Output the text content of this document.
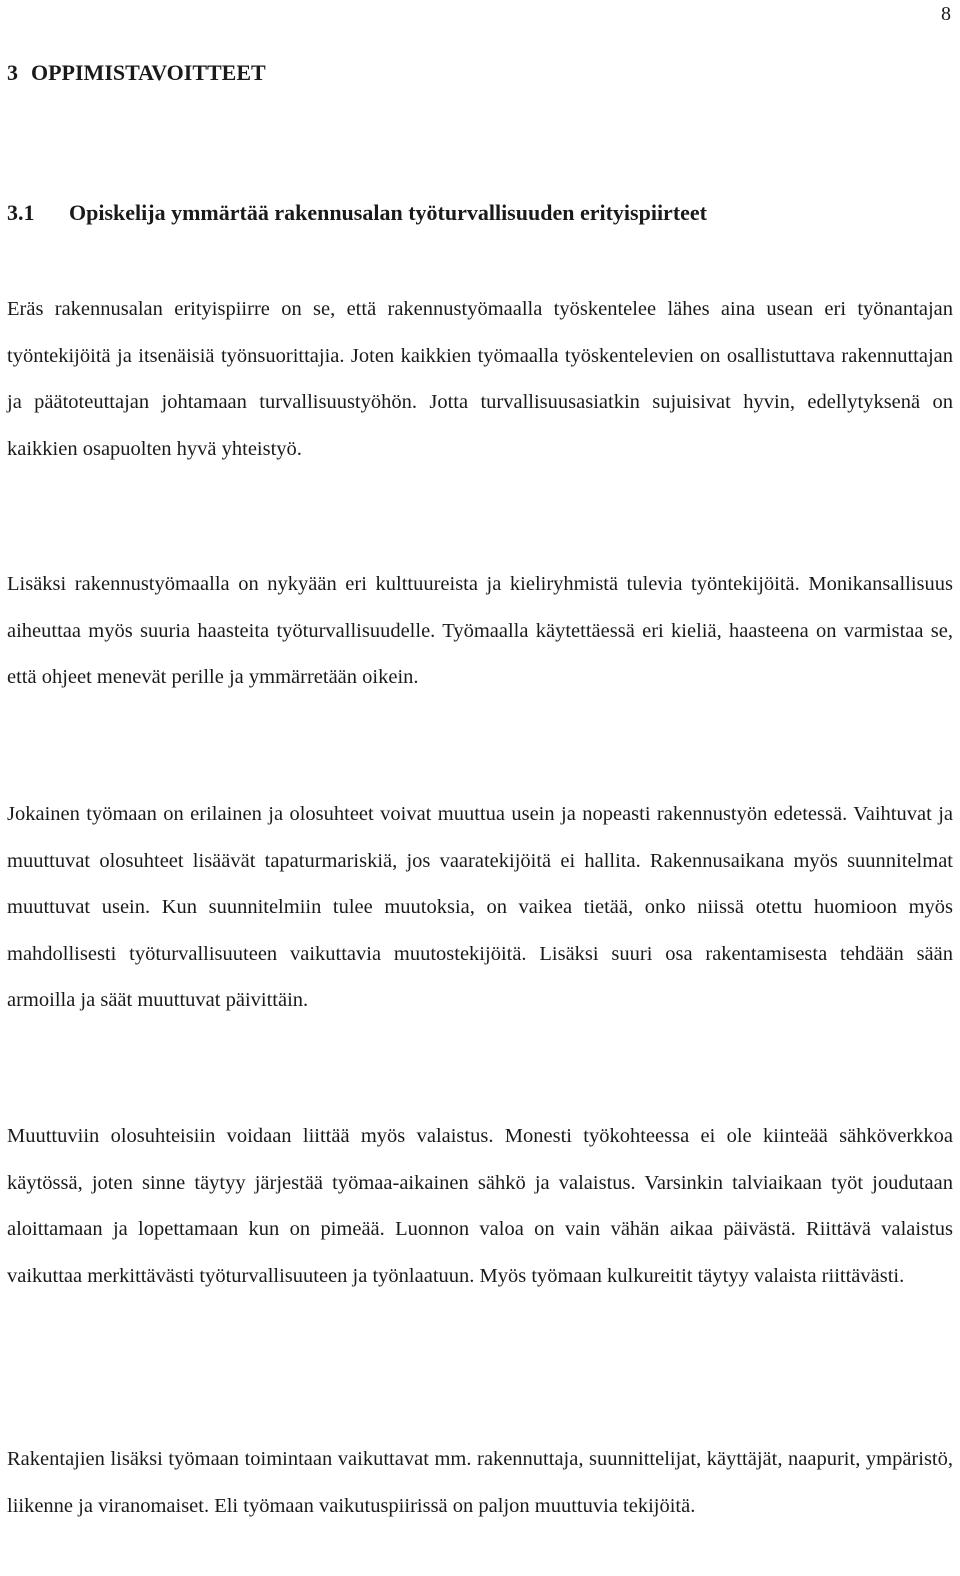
8
3 OPPIMISTAVOITTEET
3.1 Opiskelija ymmärtää rakennusalan työturvallisuuden erityispiirteet

Eräs rakennusalan erityispiirre on se, että rakennustyömaalla työskentelee lähes aina usean eri työnantajan työntekijöitä ja itsenäisiä työnsuorittajia. Joten kaikkien työmaalla työskentelevien on osallistuttava rakennuttajan ja päätoteuttajan johtamaan turvallisuustyöhön. Jotta turvallisuusasiatkin sujuisivat hyvin, edellytyksenä on kaikkien osapuolten hyvä yhteistyö.

Lisäksi rakennustyömaalla on nykyään eri kulttuureista ja kieliryhmistä tulevia työntekijöitä. Monikansallisuus aiheuttaa myös suuria haasteita työturvallisuudelle. Työmaalla käytettäessä eri kieliä, haasteena on varmistaa se, että ohjeet menevät perille ja ymmärretään oikein.

Jokainen työmaan on erilainen ja olosuhteet voivat muuttua usein ja nopeasti rakennustyön edetessä. Vaihtuvat ja muuttuvat olosuhteet lisäävät tapaturmariskiä, jos vaaratekijöitä ei hallita. Rakennusaikana myös suunnitelmat muuttuvat usein. Kun suunnitelmiin tulee muutoksia, on vaikea tietää, onko niissä otettu huomioon myös mahdollisesti työturvallisuuteen vaikuttavia muutostekijöitä. Lisäksi suuri osa rakentamisesta tehdään sään armoilla ja säät muuttuvat päivittäin.

Muuttuviin olosuhteisiin voidaan liittää myös valaistus. Monesti työkohteessa ei ole kiinteää sähköverkkoa käytössä, joten sinne täytyy järjestää työmaa-aikainen sähkö ja valaistus. Varsinkin talviaikaan työt joudutaan aloittamaan ja lopettamaan kun on pimeää. Luonnon valoa on vain vähän aikaa päivästä. Riittävä valaistus vaikuttaa merkittävästi työturvallisuuteen ja työnlaatuun. Myös työmaan kulkureitit täytyy valaista riittävästi.

Rakentajien lisäksi työmaan toimintaan vaikuttavat mm. rakennuttaja, suunnittelijat, käyttäjät, naapurit, ympäristö, liikenne ja viranomaiset. Eli työmaan vaikutuspiirissä on paljon muuttuvia tekijöitä.
